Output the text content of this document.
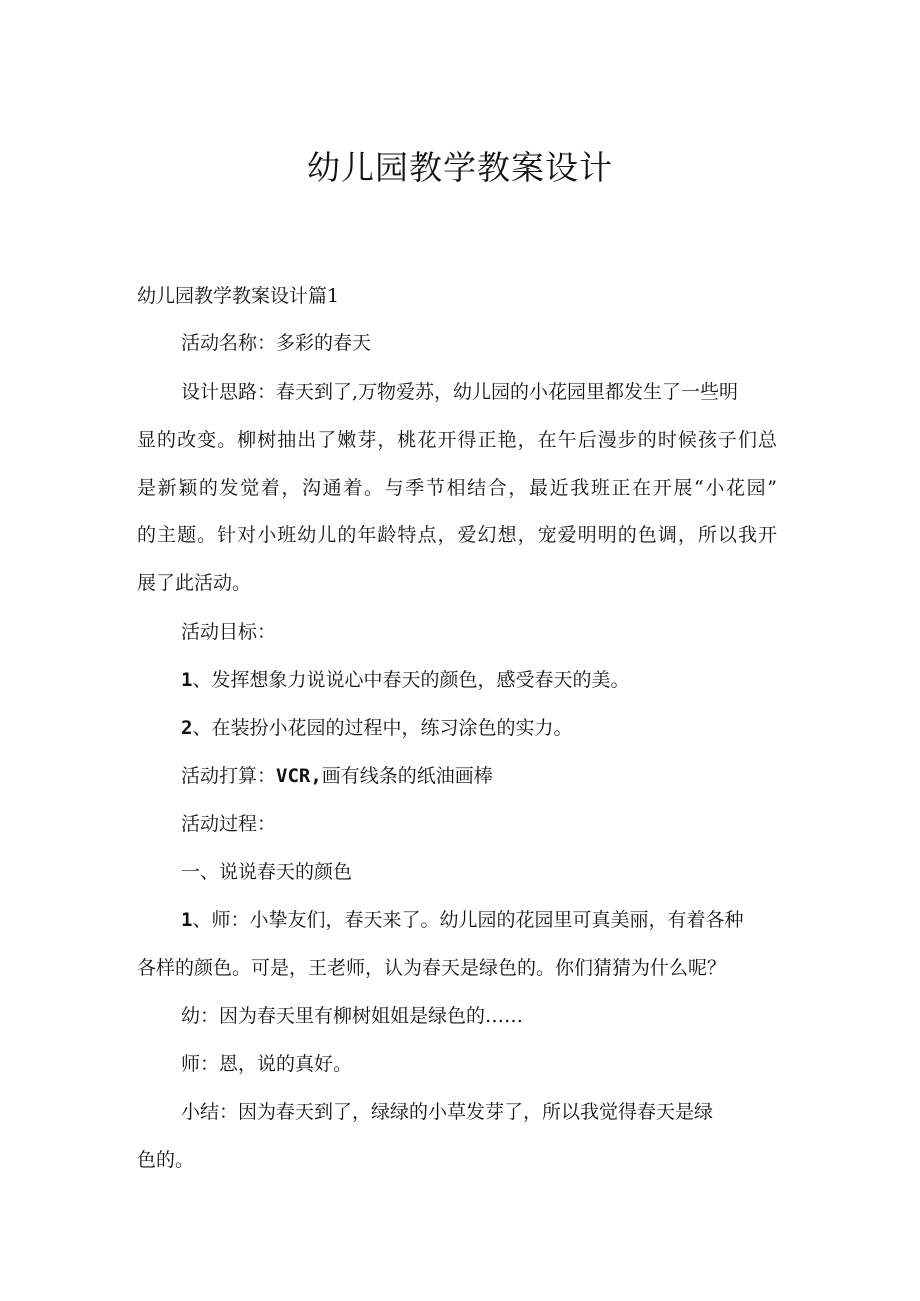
幼儿园教学教案设计
幼儿园教学教案设计篇1
活动名称：多彩的春天
设计思路：春天到了,万物爱苏，幼儿园的小花园里都发生了一些明
显的改变。柳树抽出了嫩芽，桃花开得正艳，在午后漫步的时候孩子们总
是新颖的发觉着，沟通着。与季节相结合，最近我班正在开展“小花园”
的主题。针对小班幼儿的年龄特点，爱幻想，宠爱明明的色调，所以我开
展了此活动。
活动目标：
1、发挥想象力说说心中春天的颜色，感受春天的美。
2、在装扮小花园的过程中，练习涂色的实力。
活动打算：VCR,画有线条的纸油画棒
活动过程：
一、说说春天的颜色
1、师：小挚友们，春天来了。幼儿园的花园里可真美丽，有着各种
各样的颜色。可是，王老师，认为春天是绿色的。你们猜猜为什么呢？
幼：因为春天里有柳树姐姐是绿色的……
师：恩，说的真好。
小结：因为春天到了，绿绿的小草发芽了，所以我觉得春天是绿
色的。
